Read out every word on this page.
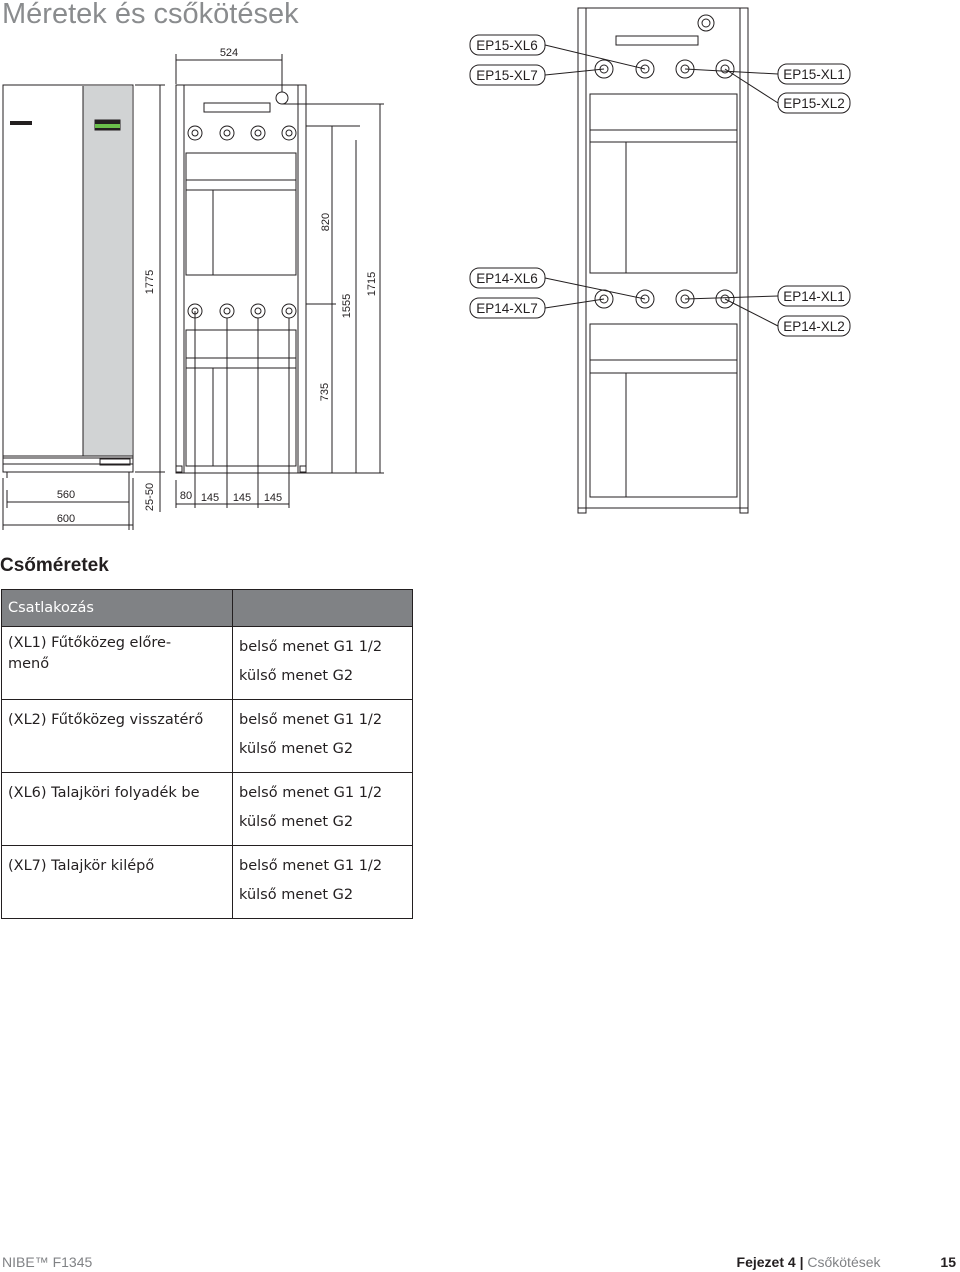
Méretek és csőkötések
524
820
1775
1555
1715
735
560
600
25-50 80 145 145 145
EP15-XL6
EP15-XL7	EP15-XL1
EP15-XL2
EP14-XL6
EP14-XL7
EP14-XL1
EP14-XL2
Csőméretek
Csatlakozás	
(XL1) Fűtőközeg előre-menő	belső menet G1 1/2
külső menet G2

(XL2) Fűtőközeg visszatérő	belső menet G1 1/2
külső menet G2

(XL6) Talajköri folyadék be	belső menet G1 1/2
külső menet G2

(XL7) Talajkör kilépő	belső menet G1 1/2
külső menet G2
NIBE™ F1345	Fejezet 4 | Csőkötések	15
